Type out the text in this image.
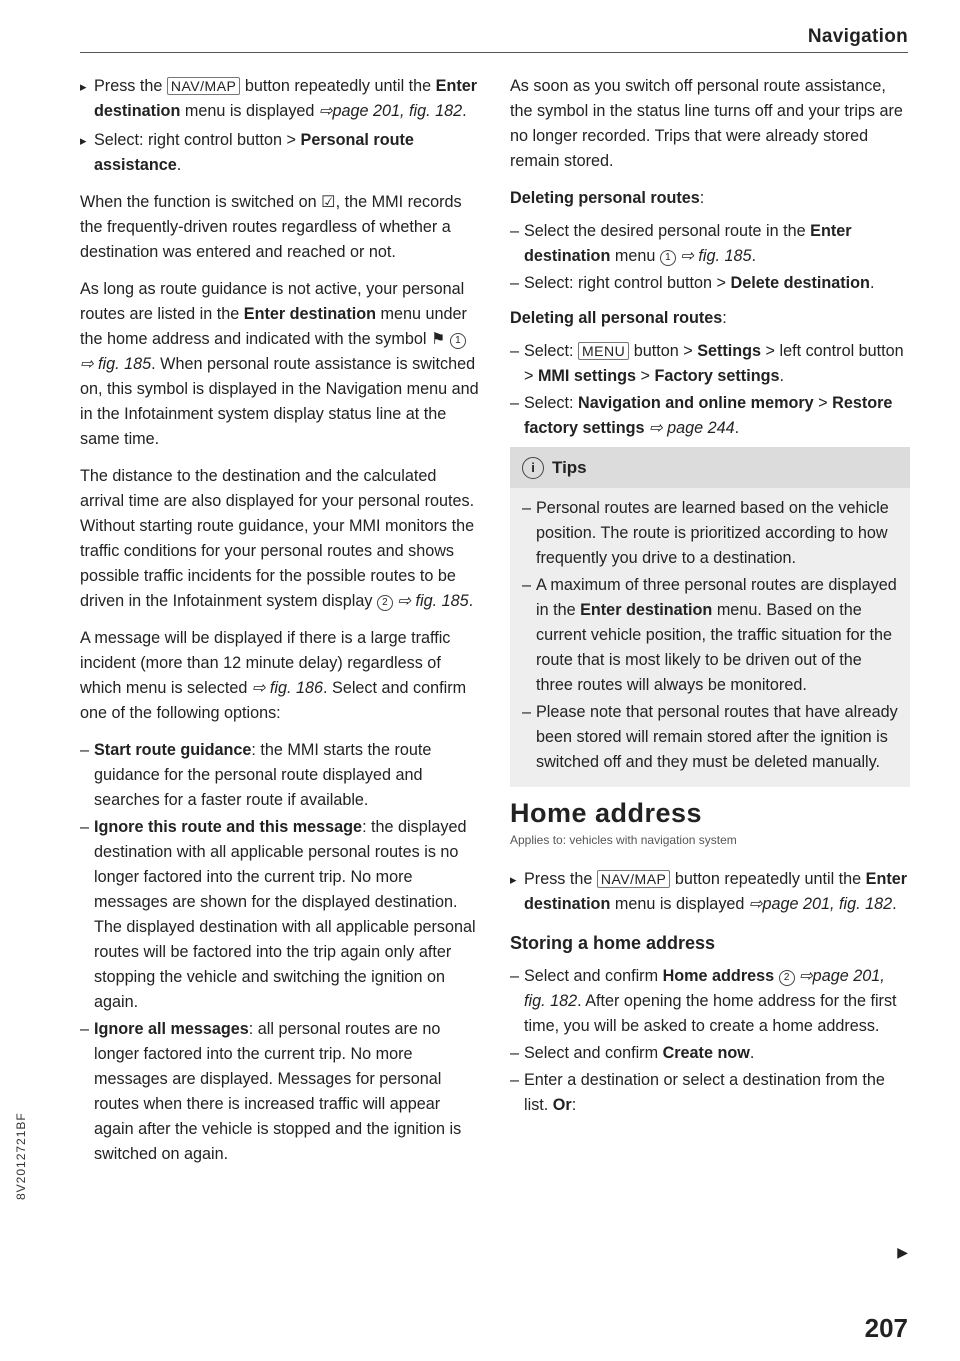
Navigation

▸ Press the NAV/MAP button repeatedly until the Enter destination menu is displayed ⇨page 201, fig. 182.

▸ Select: right control button > Personal route assistance.

When the function is switched on ☑, the MMI records the frequently-driven routes regardless of whether a destination was entered and reached or not.

As long as route guidance is not active, your personal routes are listed in the Enter destination menu under the home address and indicated with the symbol ⚑ 1 ⇨ fig. 185. When personal route assistance is switched on, this symbol is displayed in the Navigation menu and in the Infotainment system display status line at the same time.

The distance to the destination and the calculated arrival time are also displayed for your personal routes. Without starting route guidance, your MMI monitors the traffic conditions for your personal routes and shows possible traffic incidents for the possible routes to be driven in the Infotainment system display 2 ⇨ fig. 185.

A message will be displayed if there is a large traffic incident (more than 12 minute delay) regardless of which menu is selected ⇨ fig. 186. Select and confirm one of the following options:

– Start route guidance: the MMI starts the route guidance for the personal route displayed and searches for a faster route if available.

– Ignore this route and this message: the displayed destination with all applicable personal routes is no longer factored into the current trip. No more messages are shown for the displayed destination. The displayed destination with all applicable personal routes will be factored into the trip again only after stopping the vehicle and switching the ignition on again.

– Ignore all messages: all personal routes are no longer factored into the current trip. No more messages are displayed. Messages for personal routes when there is increased traffic will appear again after the vehicle is stopped and the ignition is switched on again.

As soon as you switch off personal route assistance, the symbol in the status line turns off and your trips are no longer recorded. Trips that were already stored remain stored.

Deleting personal routes:

– Select the desired personal route in the Enter destination menu 1 ⇨ fig. 185.

– Select: right control button > Delete destination.

Deleting all personal routes:

– Select: MENU button > Settings > left control button > MMI settings > Factory settings.

– Select: Navigation and online memory > Restore factory settings ⇨ page 244.

i Tips

– Personal routes are learned based on the vehicle position. The route is prioritized according to how frequently you drive to a destination.

– A maximum of three personal routes are displayed in the Enter destination menu. Based on the current vehicle position, the traffic situation for the route that is most likely to be driven out of the three routes will always be monitored.

– Please note that personal routes that have already been stored will remain stored after the ignition is switched off and they must be deleted manually.

Home address

Applies to: vehicles with navigation system

▸ Press the NAV/MAP button repeatedly until the Enter destination menu is displayed ⇨page 201, fig. 182.

Storing a home address

– Select and confirm Home address 2 ⇨page 201, fig. 182. After opening the home address for the first time, you will be asked to create a home address.

– Select and confirm Create now.

– Enter a destination or select a destination from the list. Or:

▶
207
8V2012721BF
